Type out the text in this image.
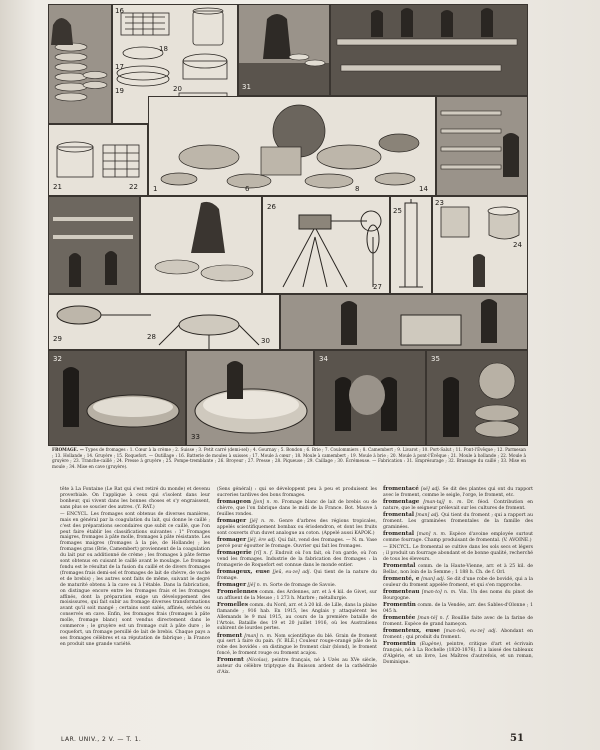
16
17
18
19	20	31
1	6	8	14
21	22
26
27
25
23
24
28
29	30
32
33
34	35

FROMAGE. — Types de fromages : 1. Cœur à la crème ; 2. Suisse ; 3. Petit carré (demi-sel) ; 4. Gournay ; 5. Bondon ; 6. Brie ; 7. Coulommiers ; 8. Camembert ; 9. Livarot ; 10. Port-Salut ; 11. Pont-l'Évêque ; 12. Parmesan ; 13. Hollande ; 14. Gruyère ; 15. Roquefort. — Outillage : 16. Batterie de moules à suisses ; 17. Moule à cœur ; 18. Moule à camembert ; 19. Moule à brie ; 20. Moule à pont-l'Évêque ; 21. Moule à hollande ; 22. Moule à gruyère ; 23. Tranche-caillé ; 24. Presse à gruyère ; 25. Pompe-tremblante ; 26. Broyeur ; 27. Presse ; 28. Piqueuse ; 29. Caillage ; 30. Écrémeuse. — Fabrication : 31. Emprésurage ; 32. Brassage du caillé ; 33. Mise en moule ; 34. Mise en cave (gruyère).

tête à La Fontaine (Le Rat qui s'est retiré du monde) et devenu proverbiale. On l'applique à ceux qui s'isolent dans leur bonheur, qui vivent dans les bonnes choses et s'y engraissent, sans plus se soucier des autres. (Y. RAT.)

— ENCYCL. Les fromages sont obtenus de diverses manières, mais en général par la coagulation du lait, qui donne le caillé ; c'est des préparations secondaires que subit ce caillé, que l'on peut faire établir les classifications suivantes : 1° Fromages maigres, fromages à pâte molle, fromages à pâte résistante. Les fromages maigres (fromages à la pie, de Hollande) ; les fromages gras (Brie, Camembert) proviennent de la coagulation du lait pur ou additionné de crème ; les fromages à pâte ferme sont obtenus en cuisant le caillé avant le moulage. Le fromage fondu est le résultat de la fusion du caillé et de divers fromages (fromages frais demi-sel et fromages de lait de chèvre, de vache et de brebis) ; les autres sont faits de même, suivant le degré de maturité obtenu à la cave ou à l'étable. Dans la fabrication, on distingue encore entre les fromages frais et les fromages affinés, dont la préparation exige un développement des moisissures, qui fait subir au fromage diverses transformations avant qu'il soit mangé ; certains sont salés, affinés, séchés ou conservés en cave. Enfin, les fromages frais (fromages à pâte molle, fromage blanc) sont vendus directement dans le commerce ; le gruyère est un fromage cuit à pâte dure ; le roquefort, un fromage persillé de lait de brebis. Chaque pays a ses fromages célèbres et sa réputation de fabrique ; la France en produit une grande variété.

(Sens général) : qui se développent peu à peu et produisent les sucreries tardives des bons fromages.

fromageon [jon] n. m. Fromage blanc de lait de brebis ou de chèvre, que l'on fabrique dans le midi de la France. Bot. Mauve à feuilles rondes.

fromager [jé] n. m. Genre d'arbres des régions tropicales, appelés scientifiquement bombax ou ériodendron, et dont les fruits sont couverts d'un duvet analogue au coton. (Appelé aussi KAPOK.)

fromager [jé], ère adj. Qui fait, vend des fromages. — N. m. Vase percé pour égoutter le fromage. Ouvrier qui fait les fromages.

fromagerie [rî] n. f. Endroit où l'on fait, où l'on garde, où l'on vend les fromages. Industrie de la fabrication des fromages : la fromagerie de Roquefort est connue dans le monde entier.

fromageux, euse [jeû, eu-ze] adj. Qui tient de la nature du fromage.

fromager [jé] n. m. Sorte de fromage de Savoie.

Fromelennes comm. des Ardennes, arr. et à 4 kil. de Givet, sur un affluent de la Meuse ; 1 273 h. Marbre ; métallurgie.

Fromelles comm. du Nord, arr. et à 20 kil. de Lille, dans la plaine flamande ; 916 hab. En 1915, les Anglais y attaquèrent les Allemands le 9 mai 1915, au cours de la première bataille de l'Artois. Bataille des 19 et 20 juillet 1916, où les Australiens subirent de lourdes pertes.

froment [man] n. m. Nom scientifique du blé. Grain de froment qui sert à faire du pain. (V. BLÉ.) Couleur rouge-orangé pâle de la robe des bovidés : on distingue le froment clair (blond), le froment foncé, le froment rouge ou froment acajou.

Froment (Nicolas), peintre français, né à Uzès au XVe siècle, auteur du célèbre triptyque du Buisson ardent de la cathédrale d'Aix.

fromentacé [sé] adj. Se dit des plantes qui ont du rapport avec le froment, comme le seigle, l'orge, le froment, etc.

fromentage [man-taj] n. m. Dr. féod. Contribution en nature, que le seigneur prélevait sur les cultures de froment.

fromental [man] adj. Qui tient du froment ; qui a rapport au froment. Les graminées fromentales de la famille des graminées.

fromental [man] n. m. Espèce d'avoine employée surtout comme fourrage. Champ produisant de fromental. (V. AVOINE.)

— ENCYCL. Le fromental se cultive dans les sols secs et légers ; il produit un fourrage abondant et de bonne qualité, recherché de tous les éleveurs.

Fromental comm. de la Haute-Vienne, arr. et à 25 kil. de Bellac, non loin de la Semme ; 1 188 h. Ch. de f. Orl.

fromenté, e [man] adj. Se dit d'une robe de bovidé, qui a la couleur du froment appelée froment, et qui s'en rapproche.

fromenteau [man-to] n. m. Vin. Un des noms du pinot de Bourgogne.

Fromentin comm. de la Vendée, arr. des Sables-d'Olonne ; 1 045 h.

fromentée [man-té] n. f. Bouillie faite avec de la farine de froment. Espèce de grand hameçon.

fromenteux, euse [man-teû, eu-ze] adj. Abondant en froment ; qui produit du froment.

Fromentin (Eugène), peintre, critique d'art et écrivain français, né à La Rochelle (1820-1876). Il a laissé des tableaux d'Algérie, et un livre, Les Maîtres d'autrefois, et un roman, Dominique.

LAR. UNIV., 2 V. — T. 1.	51
